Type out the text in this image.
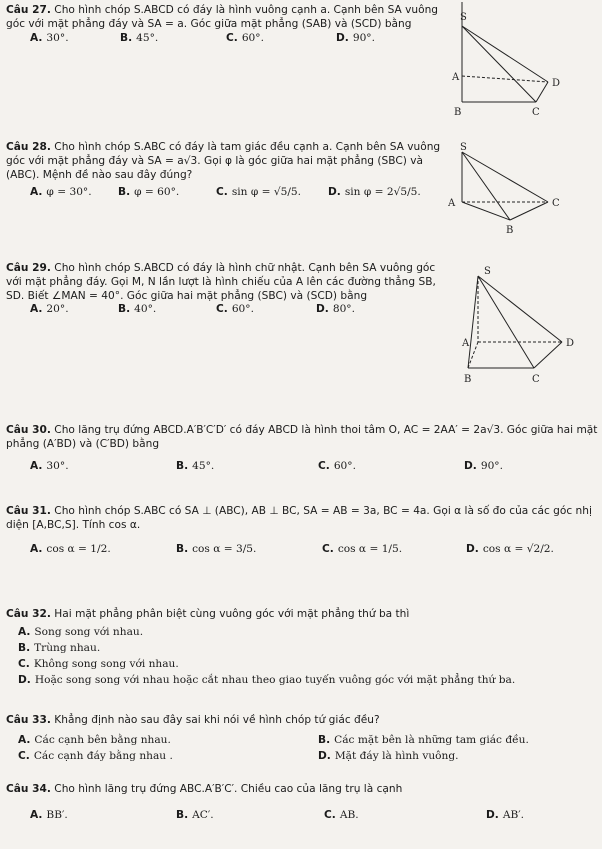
Câu 27. Cho hình chóp S.ABCD có đáy là hình vuông cạnh a. Cạnh bên SA vuông góc với mặt phẳng đáy và SA = a. Góc giữa mặt phẳng (SAB) và (SCD) bằng

A. 30°.	B. 45°.	C. 60°.	D. 90°.
S
A
B	C
D

Câu 28. Cho hình chóp S.ABC có đáy là tam giác đều cạnh a. Cạnh bên SA vuông góc với mặt phẳng đáy và SA = a√3. Gọi φ là góc giữa hai mặt phẳng (SBC) và (ABC). Mệnh đề nào sau đây đúng?

A. φ = 30°. B. φ = 60°.	C. sin φ = √5/5.	D. sin φ = 2√5/5.
S
A
B
C

Câu 29. Cho hình chóp S.ABCD có đáy là hình chữ nhật. Cạnh bên SA vuông góc với mặt phẳng đáy. Gọi M, N lần lượt là hình chiếu của A lên các đường thẳng SB, SD. Biết ∠MAN = 40°. Góc giữa hai mặt phẳng (SBC) và (SCD) bằng

A. 20°.	B. 40°.	C. 60°.	D. 80°.
S
A
B	C
D

Câu 30. Cho lăng trụ đứng ABCD.A′B′C′D′ có đáy ABCD là hình thoi tâm O, AC = 2AA′ = 2a√3. Góc giữa hai mặt phẳng (A′BD) và (C′BD) bằng

A. 30°.	B. 45°.	C. 60°.	D. 90°.

Câu 31. Cho hình chóp S.ABC có SA ⊥ (ABC), AB ⊥ BC, SA = AB = 3a, BC = 4a. Gọi α là số đo của các góc nhị diện [A,BC,S]. Tính cos α.

A. cos α = 1/2.	B. cos α = 3/5.	C. cos α = 1/5.	D. cos α = √2/2.

Câu 32. Hai mặt phẳng phân biệt cùng vuông góc với mặt phẳng thứ ba thì

A. Song song với nhau.
B. Trùng nhau.
C. Không song song với nhau.
D. Hoặc song song với nhau hoặc cắt nhau theo giao tuyến vuông góc với mặt phẳng thứ ba.

Câu 33. Khẳng định nào sau đây sai khi nói về hình chóp tứ giác đều?

A. Các cạnh bên bằng nhau.	B. Các mặt bên là những tam giác đều.
C. Các cạnh đáy bằng nhau .	D. Mặt đáy là hình vuông.

Câu 34. Cho hình lăng trụ đứng ABC.A′B′C′. Chiều cao của lăng trụ là cạnh

A. BB′.	B. AC′.	C. AB.	D. AB′.
